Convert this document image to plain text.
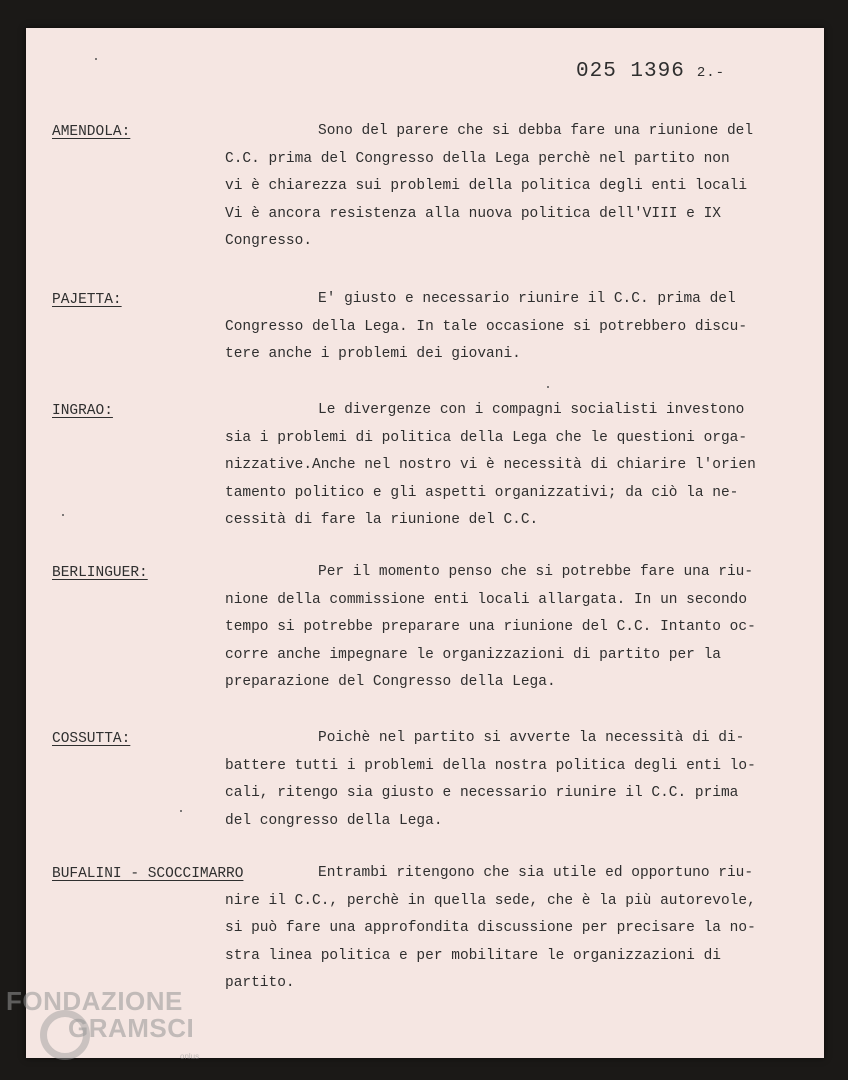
025 1396 2.-
AMENDOLA:	Sono del parere che si debba fare una riunione del
C.C. prima del Congresso della Lega perchè nel partito non
vi è chiarezza sui problemi della politica degli enti locali
Vi è ancora resistenza alla nuova politica dell'VIII e IX
Congresso.

PAJETTA:	E' giusto e necessario riunire il C.C. prima del
Congresso della Lega. In tale occasione si potrebbero discu-
tere anche i problemi dei giovani.

INGRAO:	Le divergenze con i compagni socialisti investono
sia i problemi di politica della Lega che le questioni orga-
nizzative.Anche nel nostro vi è necessità di chiarire l'orien
tamento politico e gli aspetti organizzativi; da ciò la ne-
cessità di fare la riunione del C.C.

BERLINGUER:	Per il momento penso che si potrebbe fare una riu-
nione della commissione enti locali allargata. In un secondo
tempo si potrebbe preparare una riunione del C.C. Intanto oc-
corre anche impegnare le organizzazioni di partito per la
preparazione del Congresso della Lega.

COSSUTTA:	Poichè nel partito si avverte la necessità di di-
battere tutti i problemi della nostra politica degli enti lo-
cali, ritengo sia giusto e necessario riunire il C.C. prima
del congresso della Lega.

BUFALINI - SCOCCIMARRO	Entrambi ritengono che sia utile ed opportuno riu-
nire il C.C., perchè in quella sede, che è la più autorevole,
si può fare una approfondita discussione per precisare la no-
stra linea politica e per mobilitare le organizzazioni di
partito.

FONDAZIONE
GRAMSCI
onlus
